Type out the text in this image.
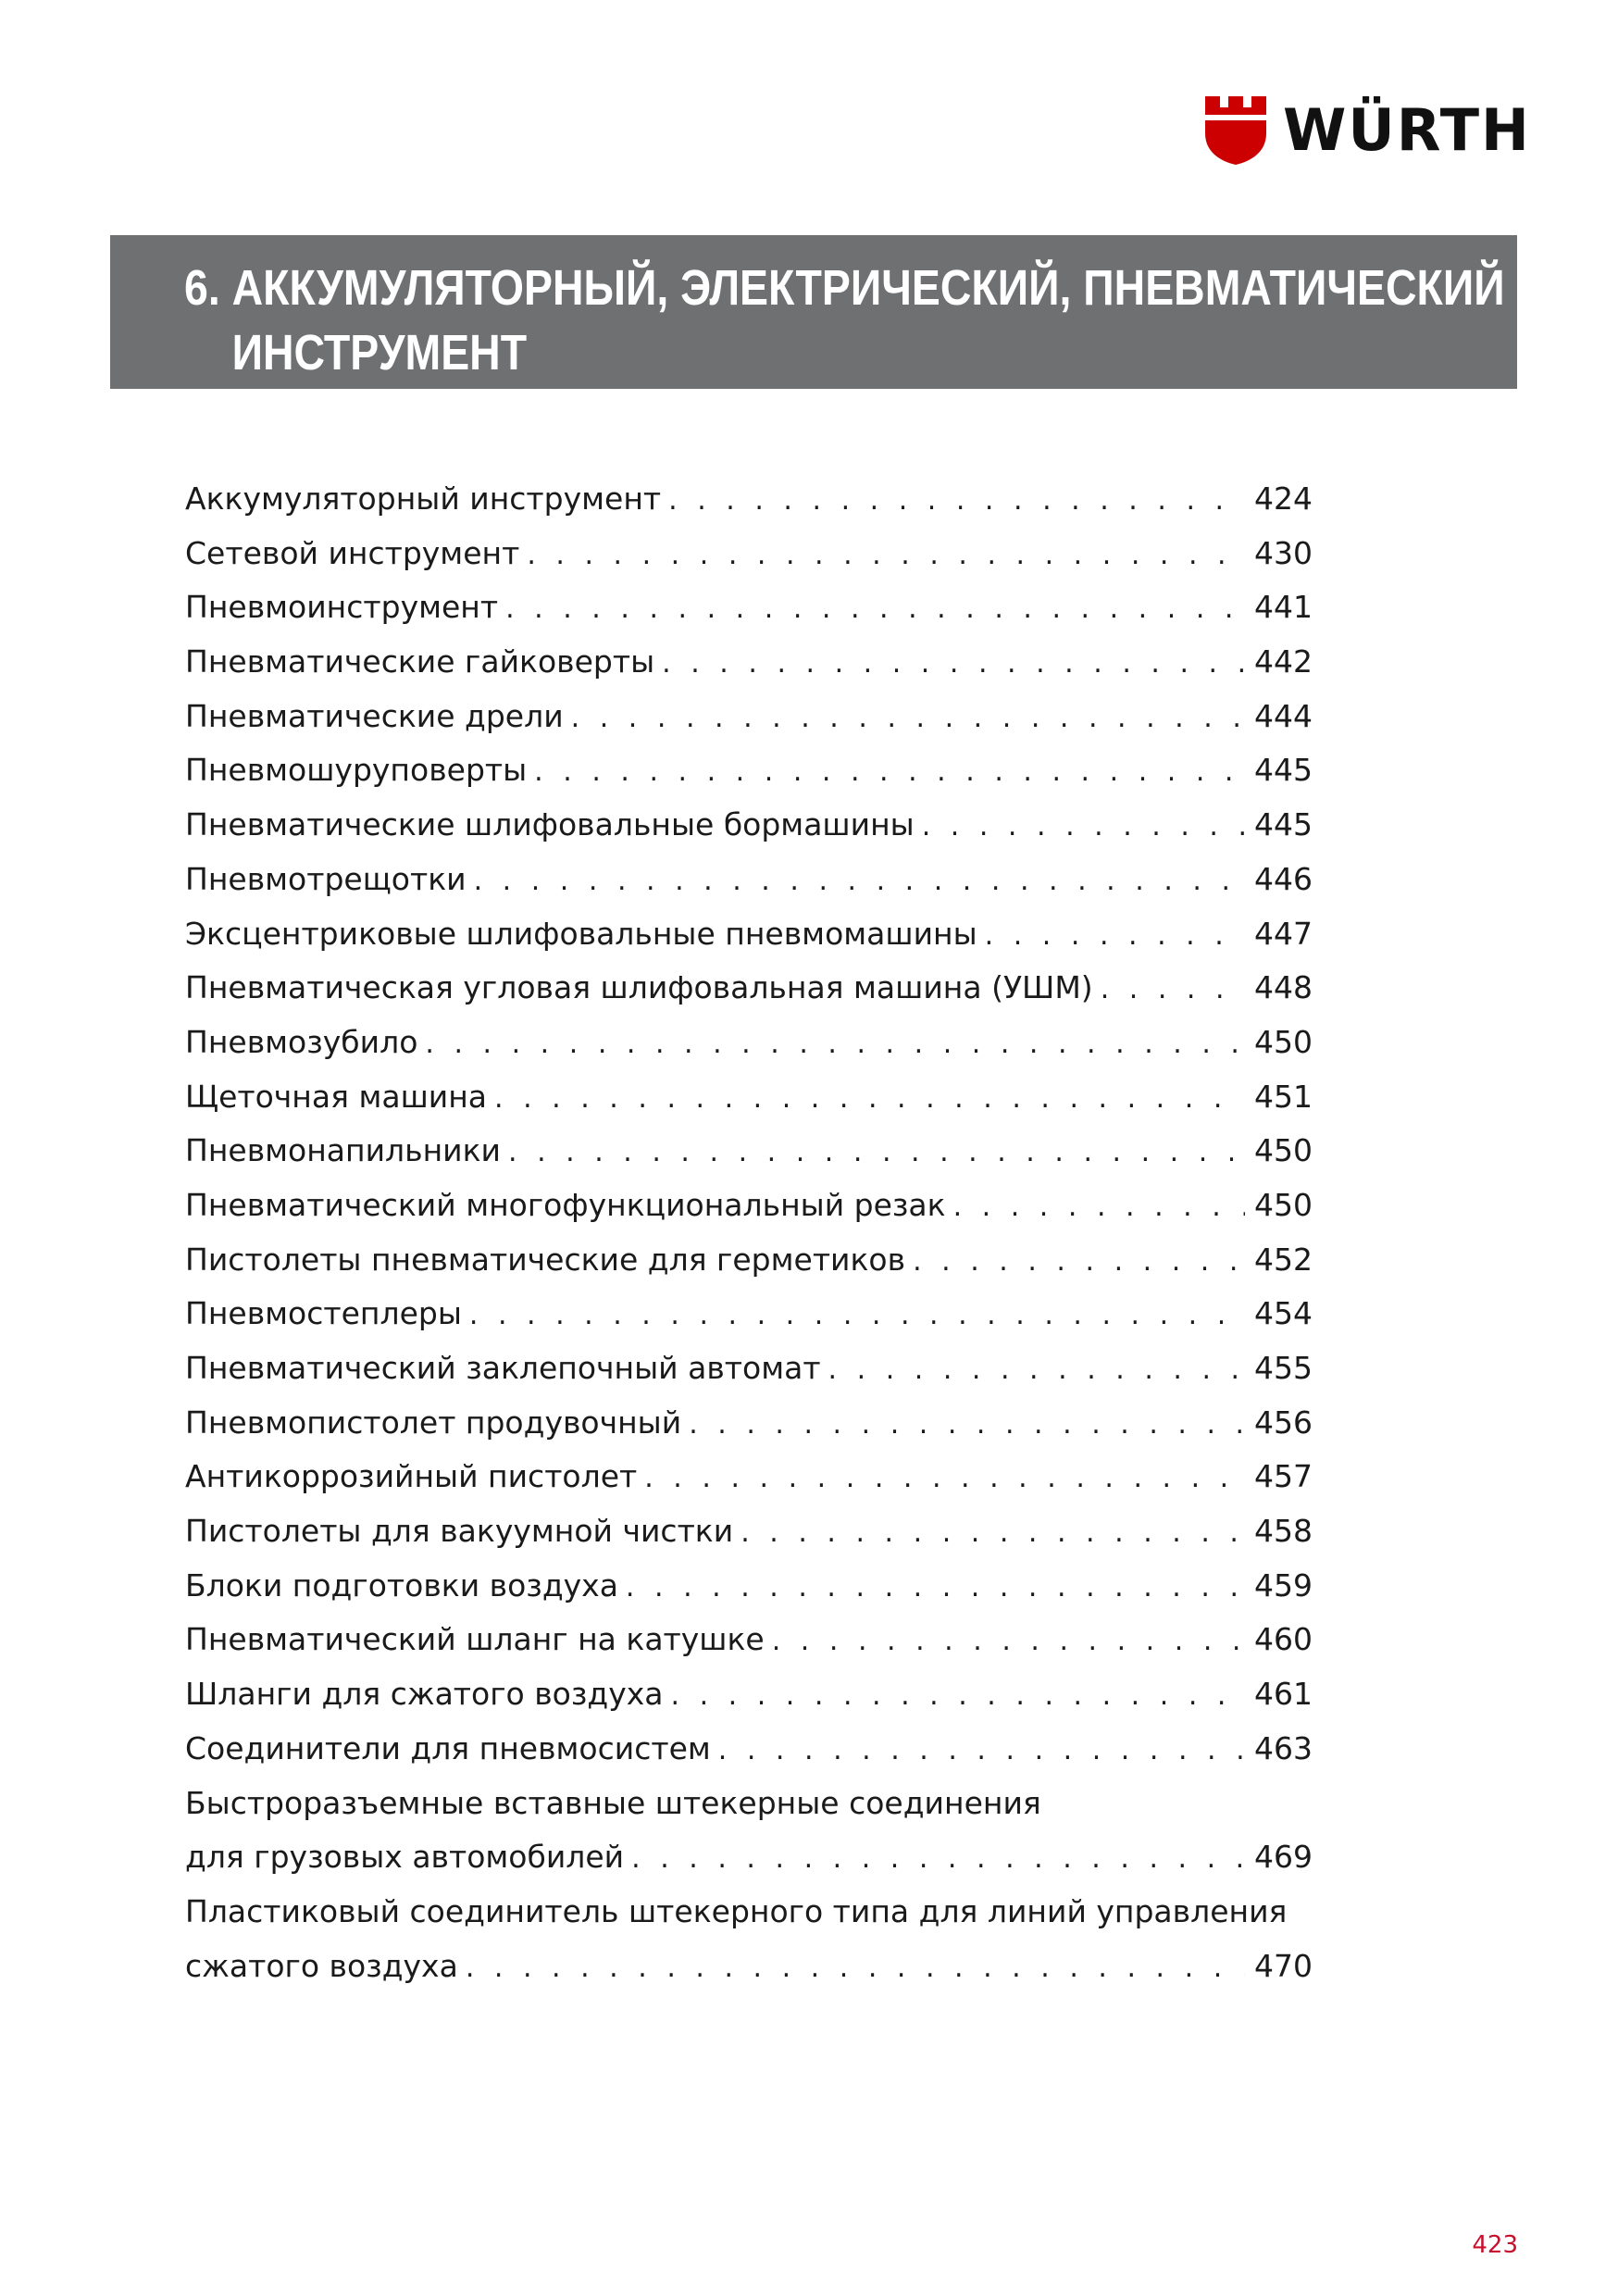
WÜRTH
6. АККУМУЛЯТОРНЫЙ, ЭЛЕКТРИЧЕСКИЙ, ПНЕВМАТИЧЕСКИЙ
ИНСТРУМЕНТ
Аккумуляторный инструмент . . .	424
Сетевой инструмент . . .	430
Пневмоинструмент . . .	441
Пневматические гайковерты . . .	442
Пневматические дрели . . .	444
Пневмошуруповерты . . .	445
Пневматические шлифовальные бормашины . . .	445
Пневмотрещотки . . .	446
Эксцентриковые шлифовальные пневмомашины . . .	447
Пневматическая угловая шлифовальная машина (УШМ) . . .	448
Пневмозубило . . .	450
Щеточная машина . . .	451
Пневмонапильники . . .	450
Пневматический многофункциональный резак . . .	450
Пистолеты пневматические для герметиков . . .	452
Пневмостеплеры . . .	454
Пневматический заклепочный автомат . . .	455
Пневмопистолет продувочный . . .	456
Антикоррозийный пистолет . . .	457
Пистолеты для вакуумной чистки . . .	458
Блоки подготовки воздуха . . .	459
Пневматический шланг на катушке . . .	460
Шланги для сжатого воздуха . . .	461
Соединители для пневмосистем . . .	463
Быстроразъемные вставные штекерные соединения
для грузовых автомобилей . . .	469
Пластиковый соединитель штекерного типа для линий управления
сжатого воздуха . . .	470
423
